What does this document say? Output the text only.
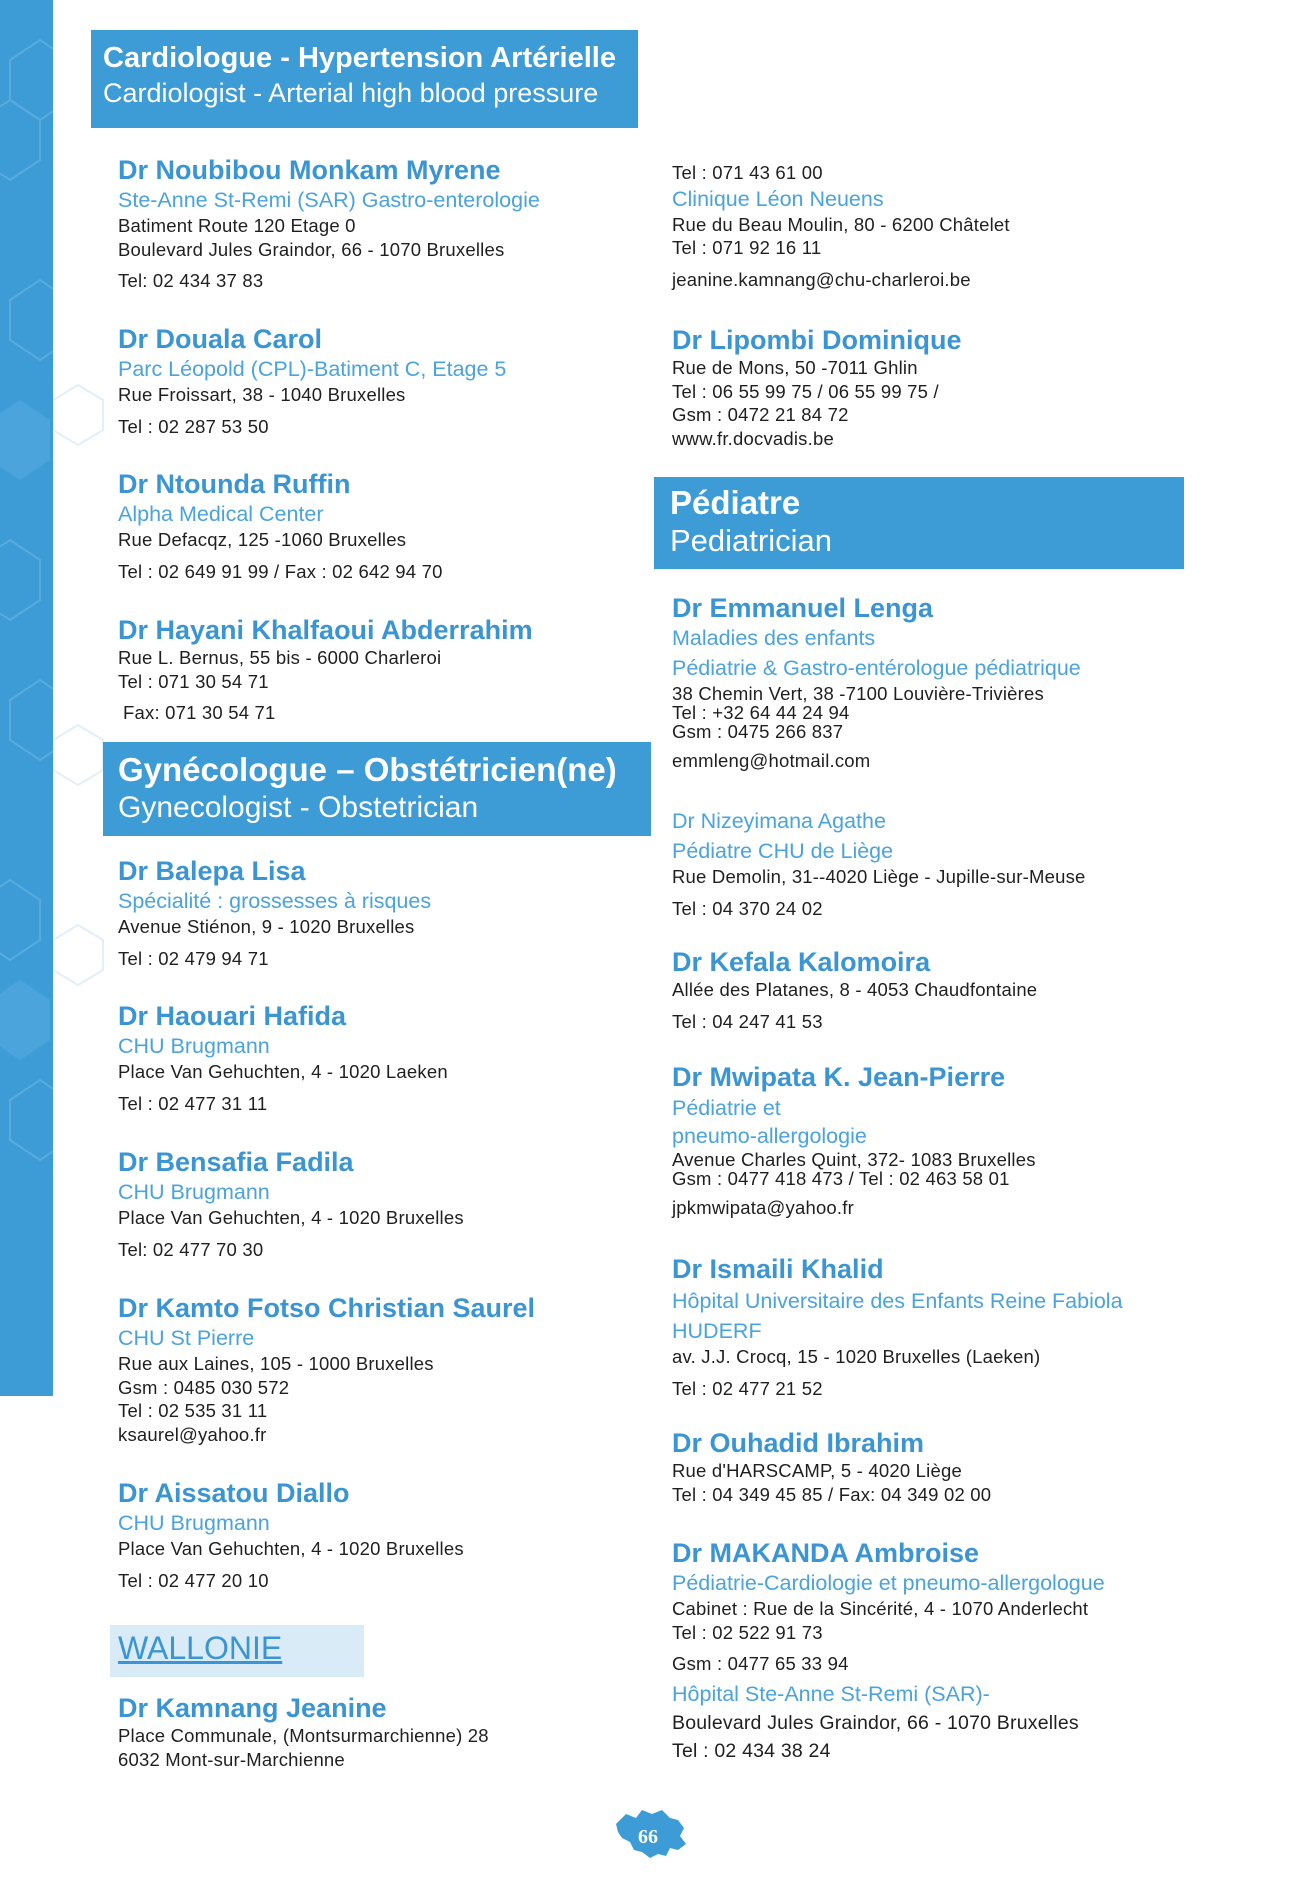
Cardiologue - Hypertension Artérielle
Cardiologist - Arterial high blood pressure
Dr Noubibou Monkam Myrene
Ste-Anne St-Remi (SAR) Gastro-enterologie
Batiment Route 120 Etage 0
Boulevard Jules Graindor, 66 - 1070 Bruxelles
Tel: 02 434 37 83
Dr Douala Carol
Parc Léopold (CPL)-Batiment C, Etage 5
Rue Froissart, 38 - 1040 Bruxelles
Tel : 02 287 53 50
Dr Ntounda Ruffin
Alpha Medical Center
Rue Defacqz, 125 -1060 Bruxelles
Tel : 02 649 91 99 / Fax : 02 642 94 70
Dr Hayani Khalfaoui Abderrahim
Rue L. Bernus, 55 bis - 6000 Charleroi
Tel : 071 30 54 71
Fax: 071 30 54 71
Gynécologue – Obstétricien(ne)
Gynecologist - Obstetrician
Dr Balepa Lisa
Spécialité : grossesses à risques
Avenue Stiénon, 9 - 1020 Bruxelles
Tel : 02 479 94 71
Dr Haouari Hafida
CHU Brugmann
Place Van Gehuchten, 4 - 1020 Laeken
Tel : 02 477 31 11
Dr Bensafia Fadila
CHU Brugmann
Place Van Gehuchten, 4 - 1020 Bruxelles
Tel: 02 477 70 30
Dr Kamto Fotso Christian Saurel
CHU St Pierre
Rue aux Laines, 105 - 1000 Bruxelles
Gsm : 0485 030 572
Tel : 02 535 31 11
ksaurel@yahoo.fr
Dr Aissatou Diallo
CHU Brugmann
Place Van Gehuchten, 4 - 1020 Bruxelles
Tel : 02 477 20 10
WALLONIE
Dr Kamnang Jeanine
Place Communale, (Montsurmarchienne) 28
6032 Mont-sur-Marchienne
Tel : 071 43 61 00
Clinique Léon Neuens
Rue du Beau Moulin, 80 - 6200 Châtelet
Tel : 071 92 16 11
jeanine.kamnang@chu-charleroi.be
Dr Lipombi Dominique
Rue de Mons, 50 -7011 Ghlin
Tel : 06 55 99 75 / 06 55 99 75 /
Gsm : 0472 21 84 72
www.fr.docvadis.be
Pédiatre
Pediatrician
Dr Emmanuel Lenga
Maladies des enfants
Pédiatrie & Gastro-entérologue pédiatrique
38 Chemin Vert, 38 -7100 Louvière-Trivières
Tel : +32 64 44 24 94
Gsm : 0475 266 837
emmleng@hotmail.com
Dr Nizeyimana Agathe
Pédiatre CHU de Liège
Rue Demolin, 31--4020 Liège - Jupille-sur-Meuse
Tel : 04 370 24 02
Dr Kefala Kalomoira
Allée des Platanes, 8 - 4053 Chaudfontaine
Tel : 04 247 41 53
Dr Mwipata K. Jean-Pierre
Pédiatrie et
pneumo-allergologie
Avenue Charles Quint, 372- 1083 Bruxelles
Gsm : 0477 418 473 / Tel : 02 463 58 01
jpkmwipata@yahoo.fr
Dr Ismaili Khalid
Hôpital Universitaire des Enfants Reine Fabiola
HUDERF
av. J.J. Crocq, 15 - 1020 Bruxelles (Laeken)
Tel : 02 477 21 52
Dr Ouhadid Ibrahim
Rue d'HARSCAMP, 5 - 4020 Liège
Tel : 04 349 45 85 / Fax: 04 349 02 00
Dr MAKANDA Ambroise
Pédiatrie-Cardiologie et pneumo-allergologue
Cabinet : Rue de la Sincérité, 4 - 1070 Anderlecht
Tel : 02 522 91 73
Gsm : 0477 65 33 94
Hôpital Ste-Anne St-Remi (SAR)-
Boulevard Jules Graindor, 66 - 1070 Bruxelles
Tel : 02 434 38 24
66
